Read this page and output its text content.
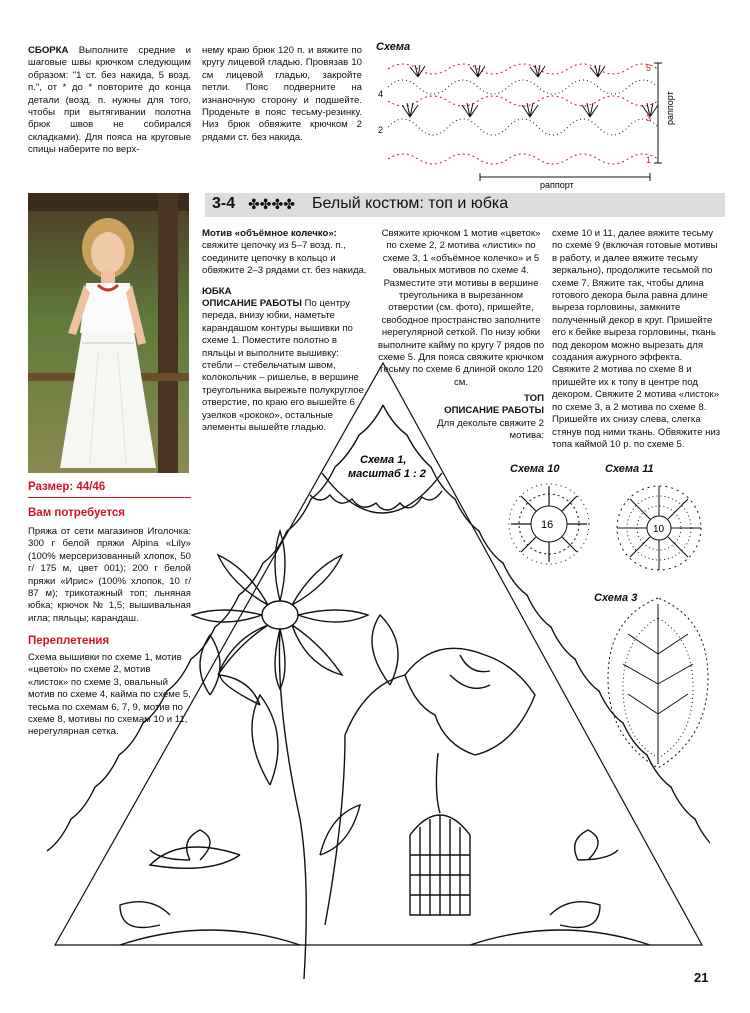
СБОРКА Выполните средние и шаговые швы крючком следующим образом: "1 ст. без накида, 5 возд. п.", от * до * повторите до конца детали (возд. п. нужны для того, чтобы при вытягивании полотна брюк швов не собирался складками). Для пояса на круговые спицы наберите по верх-
нему краю брюк 120 п. и вяжите по кругу лицевой гладью. Провязав 10 см лицевой гладью, закройте петли. Пояс подверните на изнаночную сторону и подшейте. Проденьте в пояс тесьму-резинку. Низ брюк обвяжите крючком 2 рядами ст. без накида.
Схема
4
2
5
3
1
раппорт
раппорт
3-4 ✤✤✤✤ Белый костюм: топ и юбка
Размер: 44/46
Вам потребуется
Пряжа от сети магазинов Иголочка: 300 г белой пряжи Alpina «Lily» (100% мерсеризованный хлопок, 50 г/ 175 м, цвет 001); 200 г белой пряжи «Ирис» (100% хлопок, 10 г/ 87 м); трикотажный топ; льняная юбка; крючок № 1,5; вышивальная игла; пяльцы; карандаш.
Переплетения
Схема вышивки по схеме 1, мотив «цветок» по схеме 2, мотив «листок» по схеме 3, овальный мотив по схеме 4, кайма по схеме 5, тесьма по схемам 6, 7, 9, мотив по схеме 8, мотивы по схемам 10 и 11, нерегулярная сетка.

Мотив «объёмное колечко»: свяжите цепочку из 5–7 возд. п., соедините цепочку в кольцо и обвяжите 2–3 рядами ст. без накида.

ЮБКА

ОПИСАНИЕ РАБОТЫ По центру переда, внизу юбки, наметьте карандашом контуры вышивки по схеме 1. Поместите полотно в пяльцы и выполните вышивку: стебли – стебельчатым швом, колокольчик – ришелье, в вершине треугольника вырежьте полукруглое отверстие, по краю его вышейте 6 узелков «рококо», остальные элементы вышейте гладью.

Свяжите крючком 1 мотив «цветок» по схеме 2, 2 мотива «листик» по схеме 3, 1 «объёмное колечко» и 5 овальных мотивов по схеме 4. Разместите эти мотивы в вершине треугольника в вырезанном отверстии (см. фото), пришейте, свободное пространство заполните нерегулярной сеткой. По низу юбки выполните кайму по кругу 7 рядов по схеме 5. Для пояса свяжите крючком тесьму по схеме 6 длиной около 120 см.
схеме 10 и 11, далее вяжите тесьму по схеме 9 (включая готовые мотивы в работу, и далее вяжите тесьму зеркально), продолжите тесьмой по схеме 7. Вяжите так, чтобы длина готового декора была равна длине выреза горловины, замкните полученный декор в круг. Пришейте его к бейке выреза горловины, ткань под декором можно вырезать для создания ажурного эффекта. Свяжите 2 мотива по схеме 8 и пришейте их к топу в центре под декором. Свяжите 2 мотива «листок» по схеме 3, а 2 мотива по схеме 8. Пришейте их снизу слева, слегка стянув под ними ткань. Обвяжите низ топа каймой 10 р. по схеме 5.

ТОП

ОПИСАНИЕ РАБОТЫ

Для декольте свяжите 2 мотива:

Схема 1,
масштаб 1 : 2	Схема 10
16
Схема 11
10
Схема 3
21
